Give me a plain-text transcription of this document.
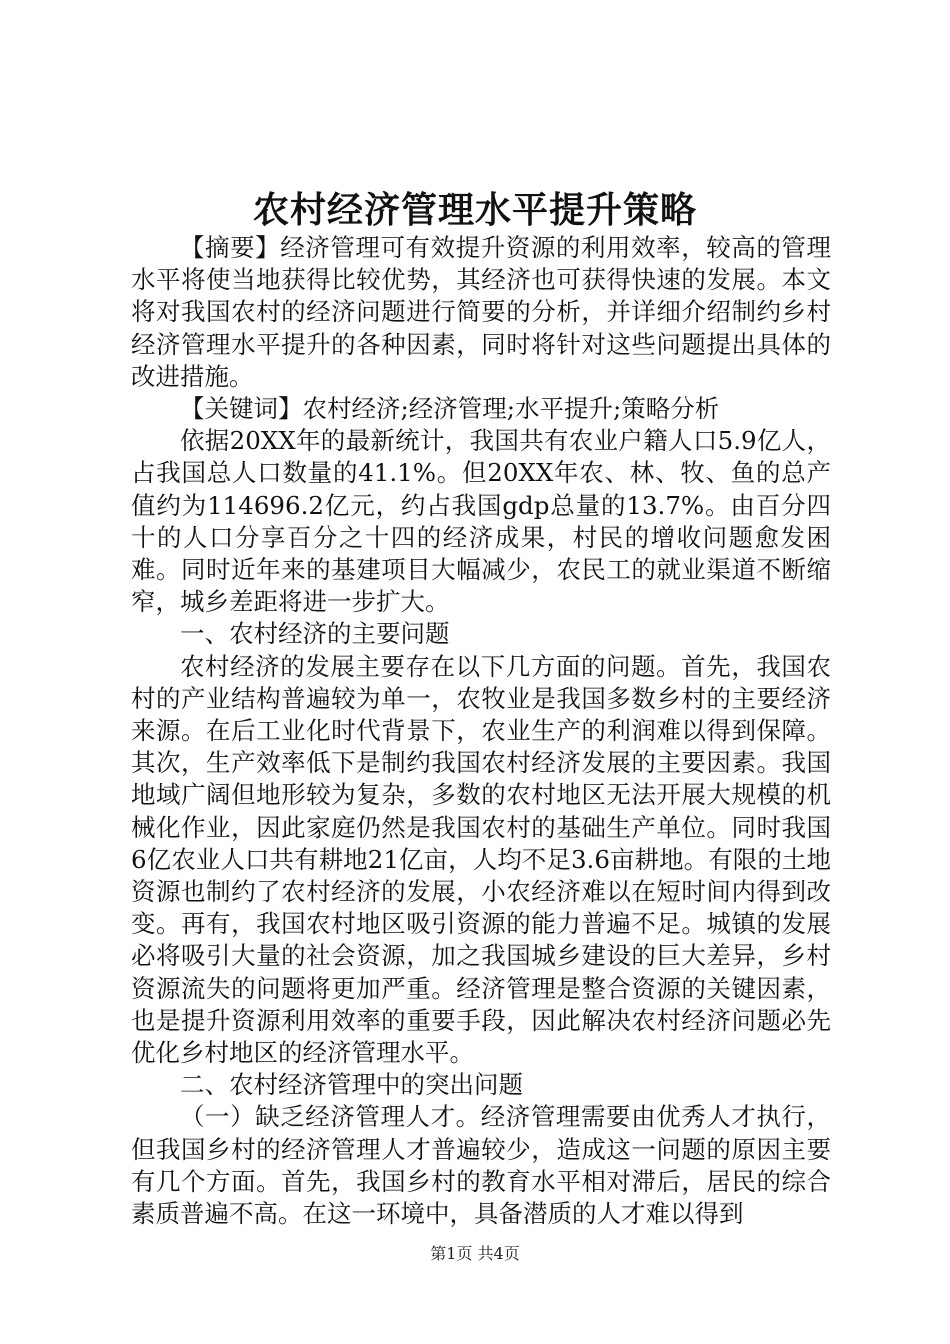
农村经济管理水平提升策略

【摘要】经济管理可有效提升资源的利用效率，较高的管理水平将使当地获得比较优势，其经济也可获得快速的发展。本文将对我国农村的经济问题进行简要的分析，并详细介绍制约乡村经济管理水平提升的各种因素，同时将针对这些问题提出具体的改进措施。

【关键词】农村经济;经济管理;水平提升;策略分析

依据20XX年的最新统计，我国共有农业户籍人口5.9亿人，占我国总人口数量的41.1%。但20XX年农、林、牧、鱼的总产值约为114696.2亿元，约占我国gdp总量的13.7%。由百分四十的人口分享百分之十四的经济成果，村民的增收问题愈发困难。同时近年来的基建项目大幅减少，农民工的就业渠道不断缩窄，城乡差距将进一步扩大。

一、农村经济的主要问题

农村经济的发展主要存在以下几方面的问题。首先，我国农村的产业结构普遍较为单一，农牧业是我国多数乡村的主要经济来源。在后工业化时代背景下，农业生产的利润难以得到保障。其次，生产效率低下是制约我国农村经济发展的主要因素。我国地域广阔但地形较为复杂，多数的农村地区无法开展大规模的机械化作业，因此家庭仍然是我国农村的基础生产单位。同时我国6亿农业人口共有耕地21亿亩，人均不足3.6亩耕地。有限的土地资源也制约了农村经济的发展，小农经济难以在短时间内得到改变。再有，我国农村地区吸引资源的能力普遍不足。城镇的发展必将吸引大量的社会资源，加之我国城乡建设的巨大差异，乡村资源流失的问题将更加严重。经济管理是整合资源的关键因素，也是提升资源利用效率的重要手段，因此解决农村经济问题必先优化乡村地区的经济管理水平。

二、农村经济管理中的突出问题

（一）缺乏经济管理人才。经济管理需要由优秀人才执行，但我国乡村的经济管理人才普遍较少，造成这一问题的原因主要有几个方面。首先，我国乡村的教育水平相对滞后，居民的综合素质普遍不高。在这一环境中，具备潜质的人才难以得到

第1页 共4页
